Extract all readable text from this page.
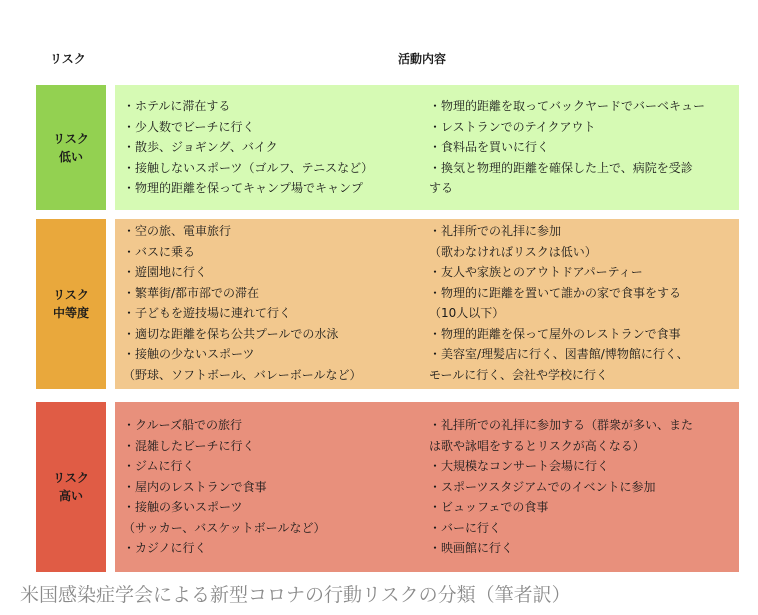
リスク	活動内容
リスク
低い
・ホテルに滞在する
・少人数でビーチに行く
・散歩、ジョギング、バイク
・接触しないスポーツ（ゴルフ、テニスなど）
・物理的距離を保ってキャンプ場でキャンプ
・物理的距離を取ってバックヤードでバーベキュー
・レストランでのテイクアウト
・食料品を買いに行く
・換気と物理的距離を確保した上で、病院を受診
する
リスク
中等度
・空の旅、電車旅行
・バスに乗る
・遊園地に行く
・繁華街/都市部での滞在
・子どもを遊技場に連れて行く
・適切な距離を保ち公共プールでの水泳
・接触の少ないスポーツ
（野球、ソフトボール、バレーボールなど）
・礼拝所での礼拝に参加
（歌わなければリスクは低い）
・友人や家族とのアウトドアパーティー
・物理的に距離を置いて誰かの家で食事をする
（10人以下）
・物理的距離を保って屋外のレストランで食事
・美容室/理髪店に行く、図書館/博物館に行く、
モールに行く、会社や学校に行く
リスク
高い
・クルーズ船での旅行
・混雑したビーチに行く
・ジムに行く
・屋内のレストランで食事
・接触の多いスポーツ
（サッカー、バスケットボールなど）
・カジノに行く
・礼拝所での礼拝に参加する（群衆が多い、また
は歌や詠唱をするとリスクが高くなる）
・大規模なコンサート会場に行く
・スポーツスタジアムでのイベントに参加
・ビュッフェでの食事
・バーに行く
・映画館に行く
米国感染症学会による新型コロナの行動リスクの分類（筆者訳）
